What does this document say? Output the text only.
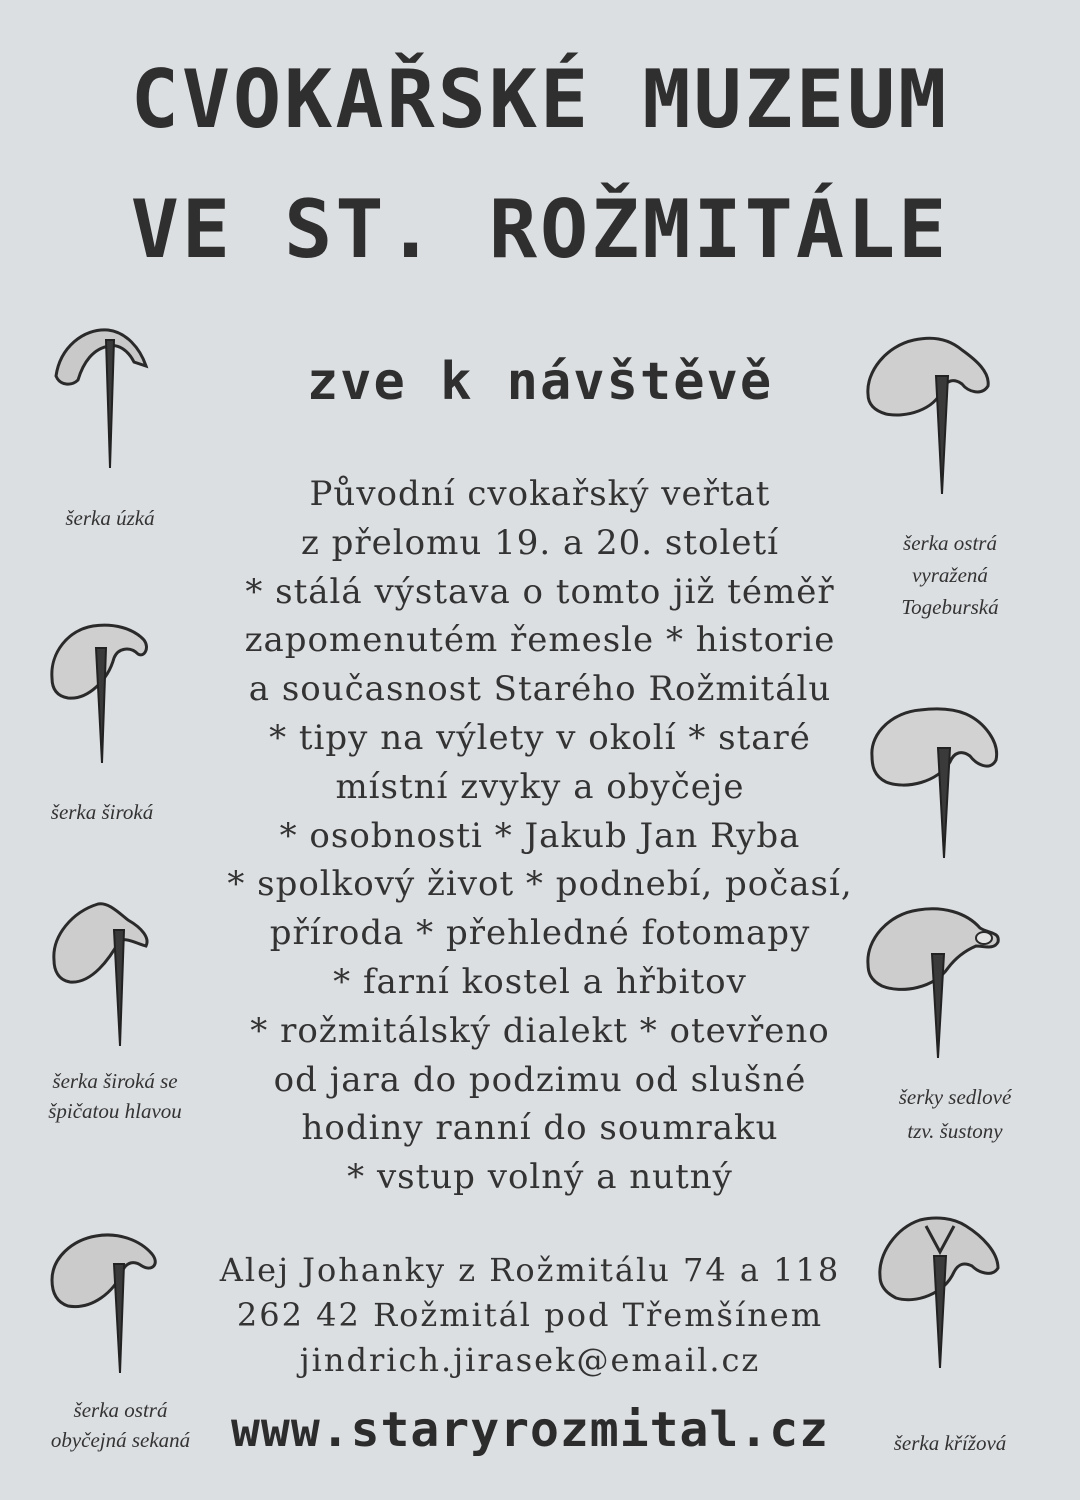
CVOKAŘSKÉ MUZEUM
VE ST. ROŽMITÁLE
zve k návštěvě
Původní cvokařský veřtat
z přelomu 19. a 20. století
* stálá výstava o tomto již téměř
zapomenutém řemesle * historie
a současnost Starého Rožmitálu
* tipy na výlety v okolí * staré
místní zvyky a obyčeje
* osobnosti * Jakub Jan Ryba
* spolkový život * podnebí, počasí,
příroda * přehledné fotomapy
* farní kostel a hřbitov
* rožmitálský dialekt * otevřeno
od jara do podzimu od slušné
hodiny ranní do soumraku
* vstup volný a nutný
Alej Johanky z Rožmitálu 74 a 118
262 42 Rožmitál pod Třemšínem
jindrich.jirasek@email.cz
www.staryrozmital.cz
šerka úzká
šerka široká
šerka široká se
špičatou hlavou
šerka ostrá
obyčejná sekaná
šerka ostrá
vyražená
Togeburská
šerky sedlové
tzv. šustony
šerka křížová
